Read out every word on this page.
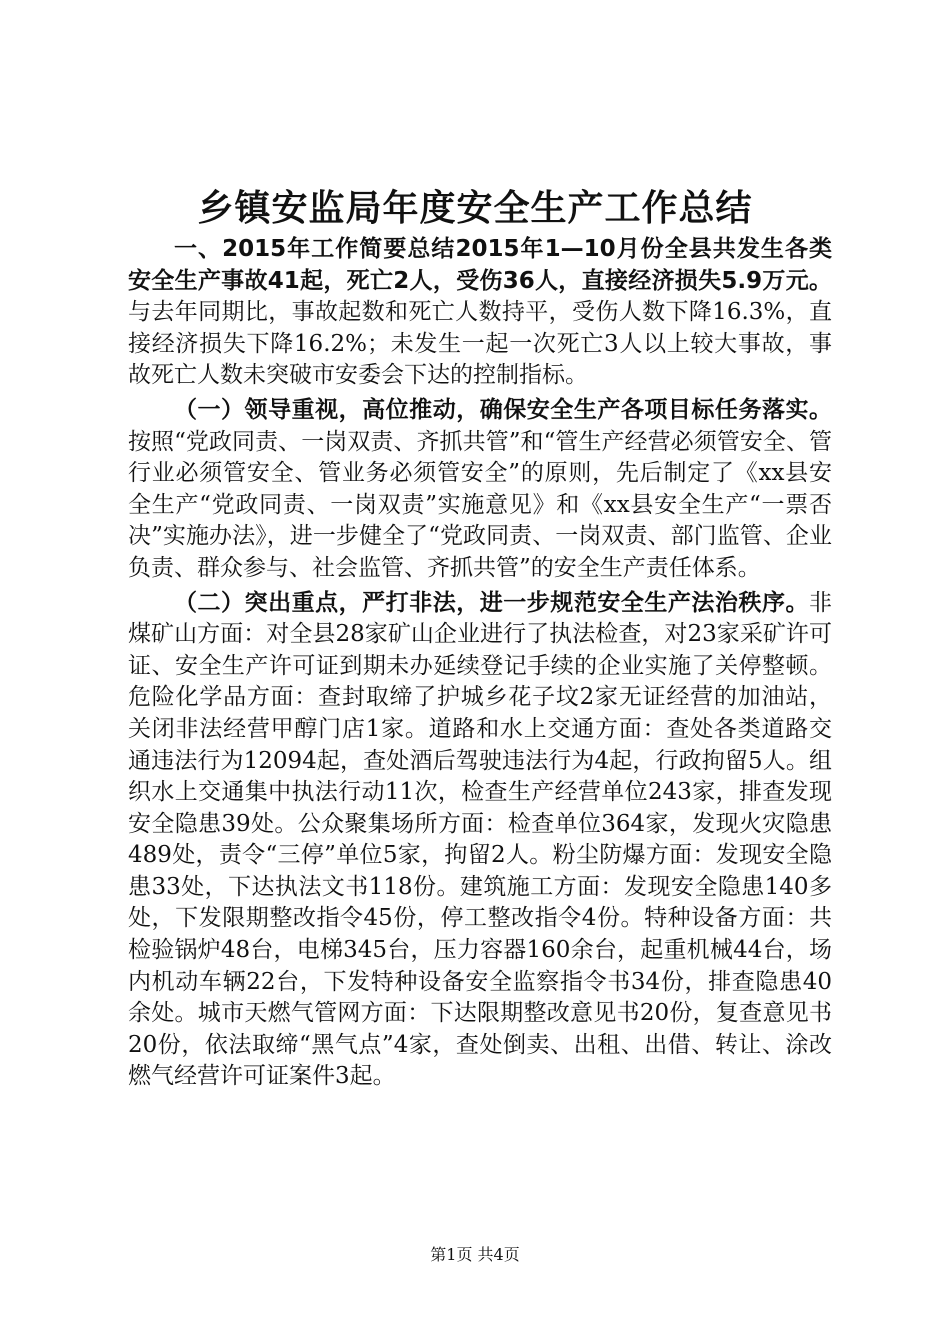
乡镇安监局年度安全生产工作总结

一、2015年工作简要总结2015年1—10月份全县共发生各类安全生产事故41起，死亡2人，受伤36人，直接经济损失5.9万元。与去年同期比，事故起数和死亡人数持平，受伤人数下降16.3%，直接经济损失下降16.2%；未发生一起一次死亡3人以上较大事故，事故死亡人数未突破市安委会下达的控制指标。

（一）领导重视，高位推动，确保安全生产各项目标任务落实。按照“党政同责、一岗双责、齐抓共管”和“管生产经营必须管安全、管行业必须管安全、管业务必须管安全”的原则，先后制定了《xx县安全生产“党政同责、一岗双责”实施意见》和《xx县安全生产“一票否决”实施办法》，进一步健全了“党政同责、一岗双责、部门监管、企业负责、群众参与、社会监管、齐抓共管”的安全生产责任体系。

（二）突出重点，严打非法，进一步规范安全生产法治秩序。非煤矿山方面：对全县28家矿山企业进行了执法检查，对23家采矿许可证、安全生产许可证到期未办延续登记手续的企业实施了关停整顿。危险化学品方面：查封取缔了护城乡花子坟2家无证经营的加油站，关闭非法经营甲醇门店1家。道路和水上交通方面：查处各类道路交通违法行为12094起，查处酒后驾驶违法行为4起，行政拘留5人。组织水上交通集中执法行动11次，检查生产经营单位243家，排查发现安全隐患39处。公众聚集场所方面：检查单位364家，发现火灾隐患489处，责令“三停”单位5家，拘留2人。粉尘防爆方面：发现安全隐患33处，下达执法文书118份。建筑施工方面：发现安全隐患140多处，下发限期整改指令45份，停工整改指令4份。特种设备方面：共检验锅炉48台，电梯345台，压力容器160余台，起重机械44台，场内机动车辆22台，下发特种设备安全监察指令书34份，排查隐患40余处。城市天燃气管网方面：下达限期整改意见书20份，复查意见书20份，依法取缔“黑气点”4家，查处倒卖、出租、出借、转让、涂改燃气经营许可证案件3起。

第1页 共4页
